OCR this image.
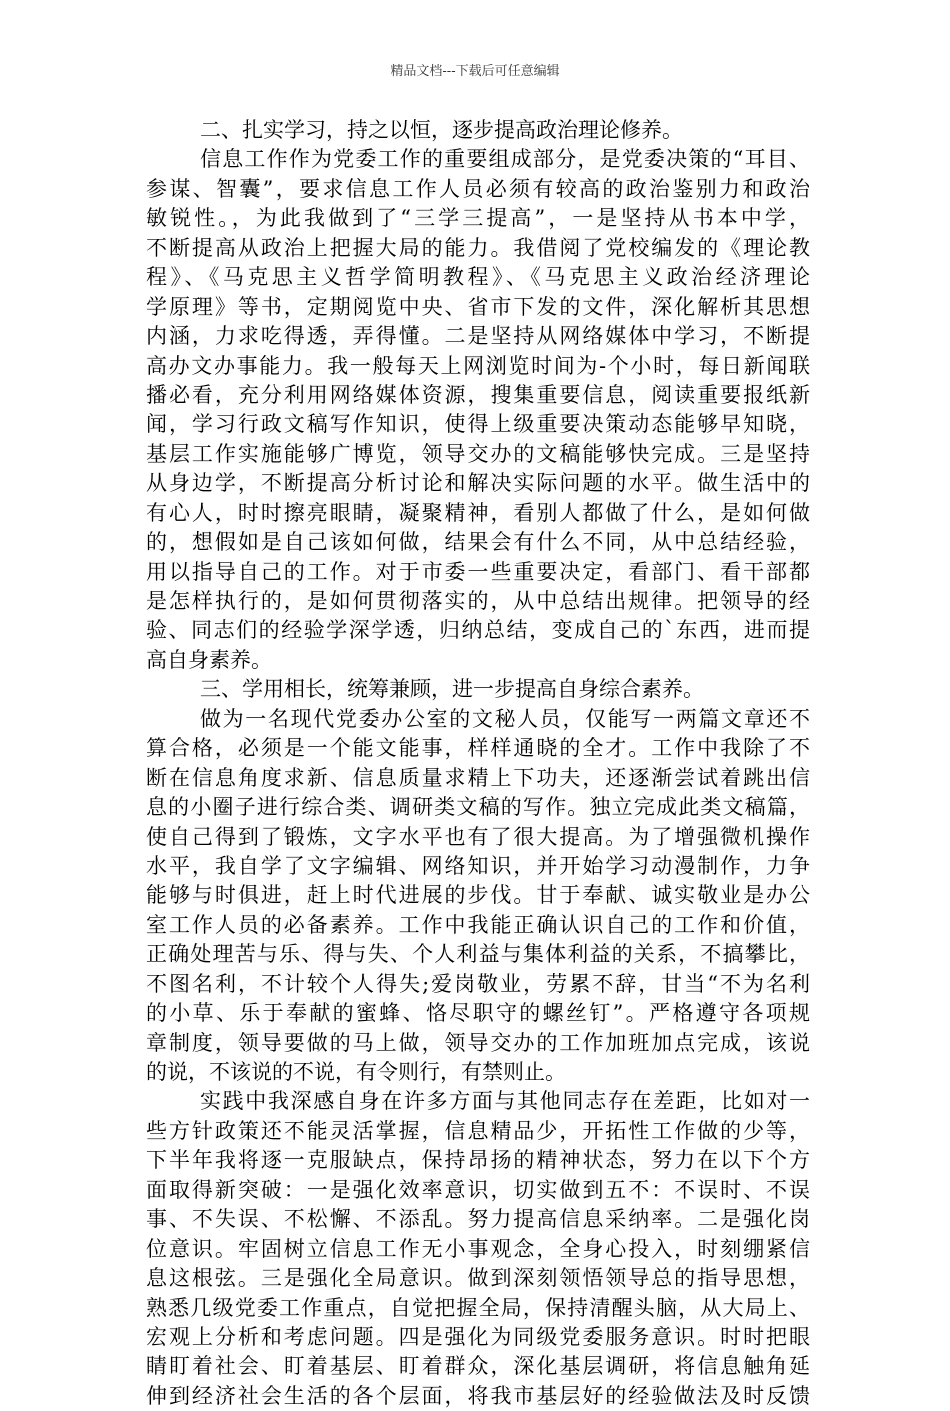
精品文档---下载后可任意编辑
二、扎实学习，持之以恒，逐步提高政治理论修养。
信息工作作为党委工作的重要组成部分，是党委决策的“耳目、
参谋、智囊”，要求信息工作人员必须有较高的政治鉴别力和政治
敏锐性。，为此我做到了“三学三提高”，一是坚持从书本中学，
不断提高从政治上把握大局的能力。我借阅了党校编发的《理论教
程》、《马克思主义哲学简明教程》、《马克思主义政治经济理论
学原理》等书，定期阅览中央、省市下发的文件，深化解析其思想
内涵，力求吃得透，弄得懂。二是坚持从网络媒体中学习，不断提
高办文办事能力。我一般每天上网浏览时间为-个小时，每日新闻联
播必看，充分利用网络媒体资源，搜集重要信息，阅读重要报纸新
闻，学习行政文稿写作知识，使得上级重要决策动态能够早知晓，
基层工作实施能够广博览，领导交办的文稿能够快完成。三是坚持
从身边学，不断提高分析讨论和解决实际问题的水平。做生活中的
有心人，时时擦亮眼睛，凝聚精神，看别人都做了什么，是如何做
的，想假如是自己该如何做，结果会有什么不同，从中总结经验，
用以指导自己的工作。对于市委一些重要决定，看部门、看干部都
是怎样执行的，是如何贯彻落实的，从中总结出规律。把领导的经
验、同志们的经验学深学透，归纳总结，变成自己的`东西，进而提
高自身素养。
三、学用相长，统筹兼顾，进一步提高自身综合素养。
做为一名现代党委办公室的文秘人员，仅能写一两篇文章还不
算合格，必须是一个能文能事，样样通晓的全才。工作中我除了不
断在信息角度求新、信息质量求精上下功夫，还逐渐尝试着跳出信
息的小圈子进行综合类、调研类文稿的写作。独立完成此类文稿篇，
使自己得到了锻炼，文字水平也有了很大提高。为了增强微机操作
水平，我自学了文字编辑、网络知识，并开始学习动漫制作，力争
能够与时俱进，赶上时代进展的步伐。甘于奉献、诚实敬业是办公
室工作人员的必备素养。工作中我能正确认识自己的工作和价值，
正确处理苦与乐、得与失、个人利益与集体利益的关系，不搞攀比，
不图名利，不计较个人得失;爱岗敬业，劳累不辞，甘当“不为名利
的小草、乐于奉献的蜜蜂、恪尽职守的螺丝钉”。严格遵守各项规
章制度，领导要做的马上做，领导交办的工作加班加点完成，该说
的说，不该说的不说，有令则行，有禁则止。
实践中我深感自身在许多方面与其他同志存在差距，比如对一
些方针政策还不能灵活掌握，信息精品少，开拓性工作做的少等，
下半年我将逐一克服缺点，保持昂扬的精神状态，努力在以下个方
面取得新突破：一是强化效率意识，切实做到五不：不误时、不误
事、不失误、不松懈、不添乱。努力提高信息采纳率。二是强化岗
位意识。牢固树立信息工作无小事观念，全身心投入，时刻绷紧信
息这根弦。三是强化全局意识。做到深刻领悟领导总的指导思想，
熟悉几级党委工作重点，自觉把握全局，保持清醒头脑，从大局上、
宏观上分析和考虑问题。四是强化为同级党委服务意识。时时把眼
睛盯着社会、盯着基层、盯着群众，深化基层调研，将信息触角延
伸到经济社会生活的各个层面，将我市基层好的经验做法及时反馈
